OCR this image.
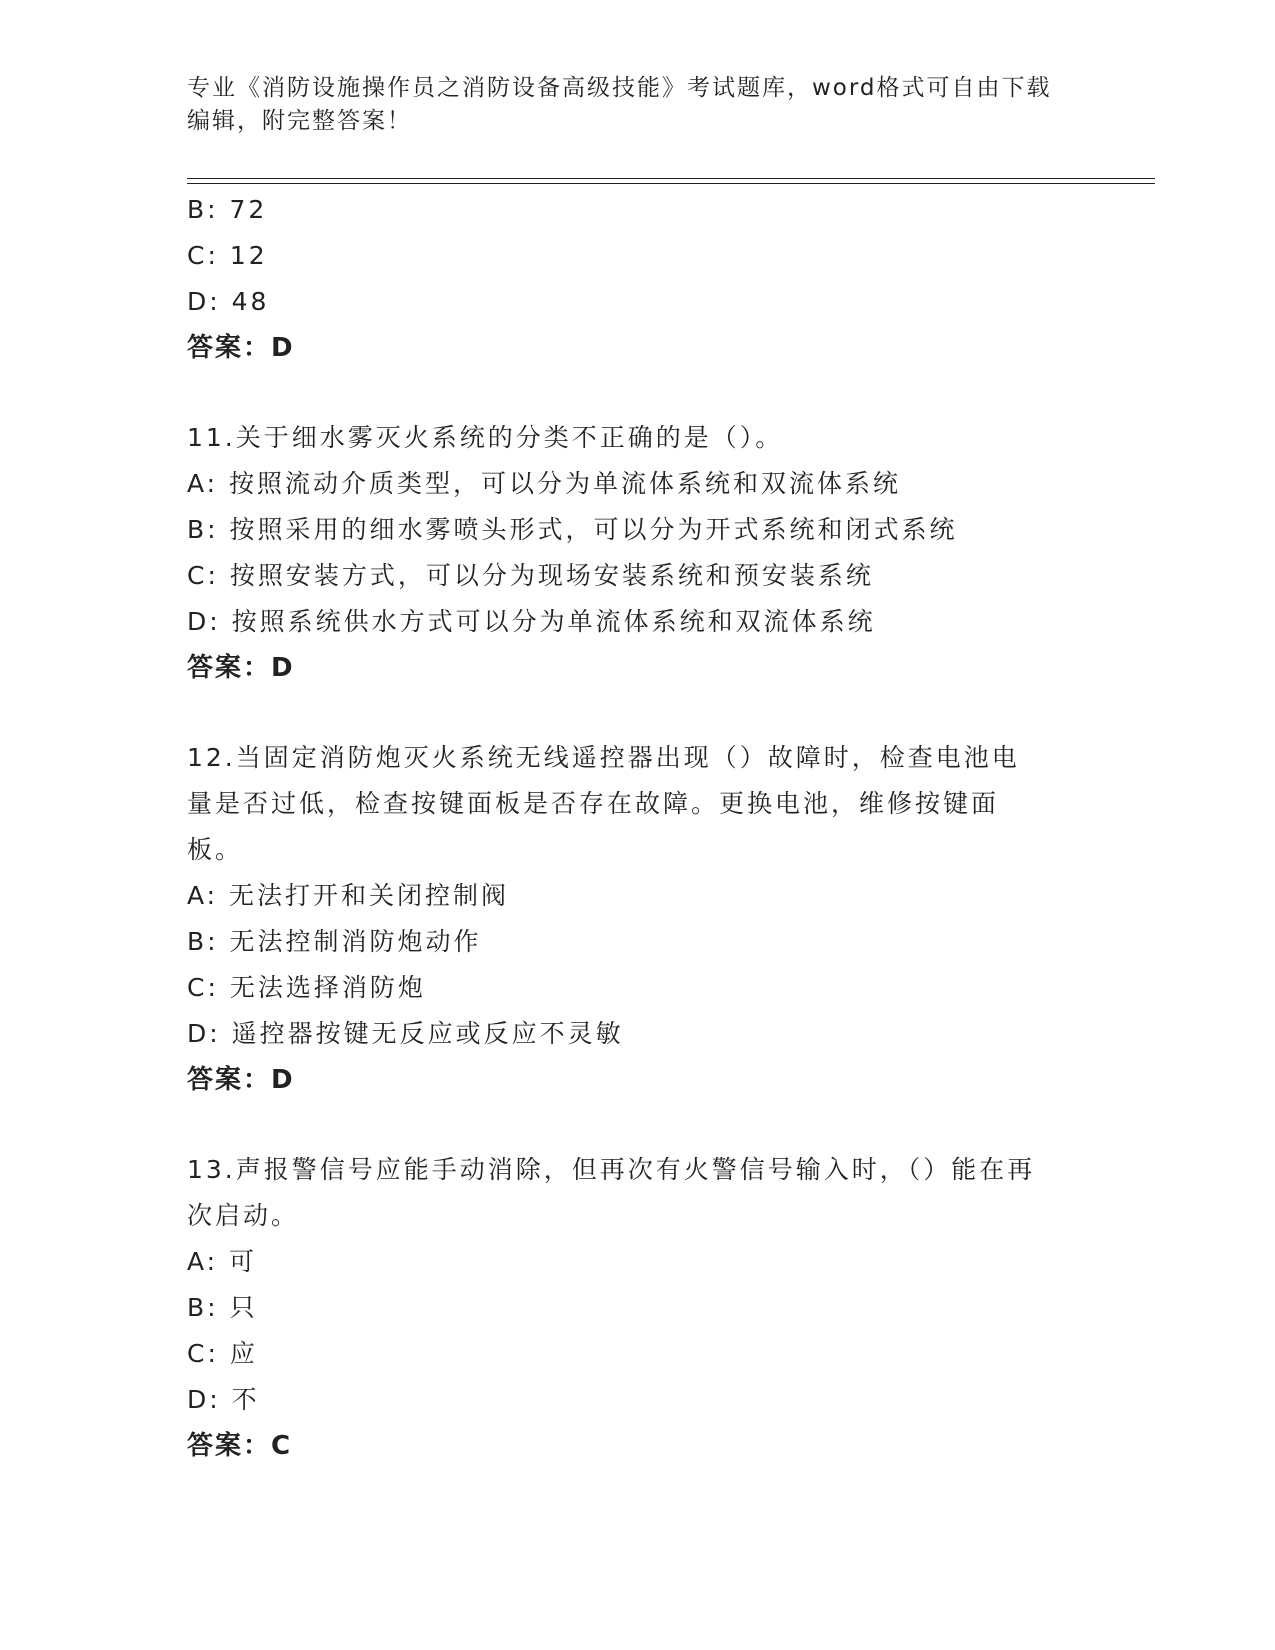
专业《消防设施操作员之消防设备高级技能》考试题库，word格式可自由下载编辑，附完整答案！
B: 72
C: 12
D: 48
答案：D
11.关于细水雾灭火系统的分类不正确的是（）。
A: 按照流动介质类型，可以分为单流体系统和双流体系统
B: 按照采用的细水雾喷头形式，可以分为开式系统和闭式系统
C: 按照安装方式，可以分为现场安装系统和预安装系统
D: 按照系统供水方式可以分为单流体系统和双流体系统
答案：D
12.当固定消防炮灭火系统无线遥控器出现（）故障时，检查电池电量是否过低，检查按键面板是否存在故障。更换电池，维修按键面板。
A: 无法打开和关闭控制阀
B: 无法控制消防炮动作
C: 无法选择消防炮
D: 遥控器按键无反应或反应不灵敏
答案：D
13.声报警信号应能手动消除，但再次有火警信号输入时，（）能在再次启动。
A: 可
B: 只
C: 应
D: 不
答案：C
